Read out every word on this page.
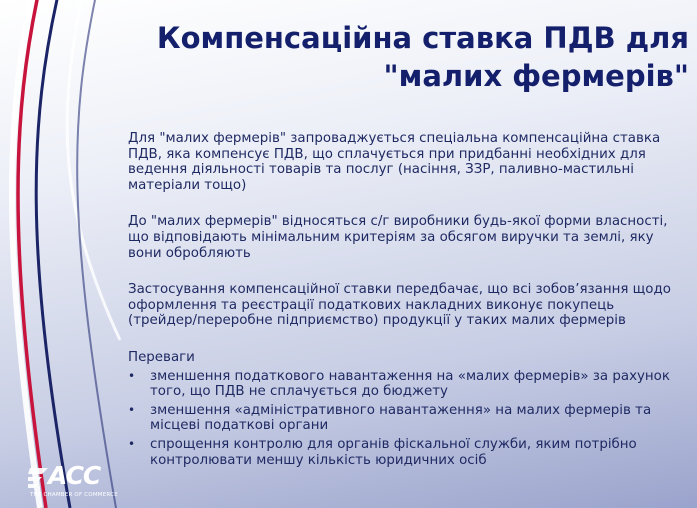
Компенсаційна ставка ПДВ для
"малих фермерів"

Для "малих фермерів" запроваджується спеціальна компенсаційна ставка ПДВ, яка компенсує ПДВ, що сплачується при придбанні необхідних для ведення діяльності товарів та послуг (насіння, ЗЗР, паливно-мастильні матеріали тощо)

До "малих фермерів" відносяться с/г виробники будь-якої форми власності, що відповідають мінімальним критеріям за обсягом виручки та землі, яку вони обробляють

Застосування компенсаційної ставки передбачає, що всі зобов’язання щодо оформлення та реєстрації податкових накладних виконує покупець (трейдер/переробне підприємство) продукції у таких малих фермерів

Переваги

• зменшення податкового навантаження на «малих фермерів» за рахунок того, що ПДВ не сплачується до бюджету
• зменшення «адміністративного навантаження» на малих фермерів та місцеві податкові органи
• спрощення контролю для органів фіскальної служби, яким потрібно контролювати меншу кількість юридичних осіб
ACC
THE CHAMBER OF COMMERCE
